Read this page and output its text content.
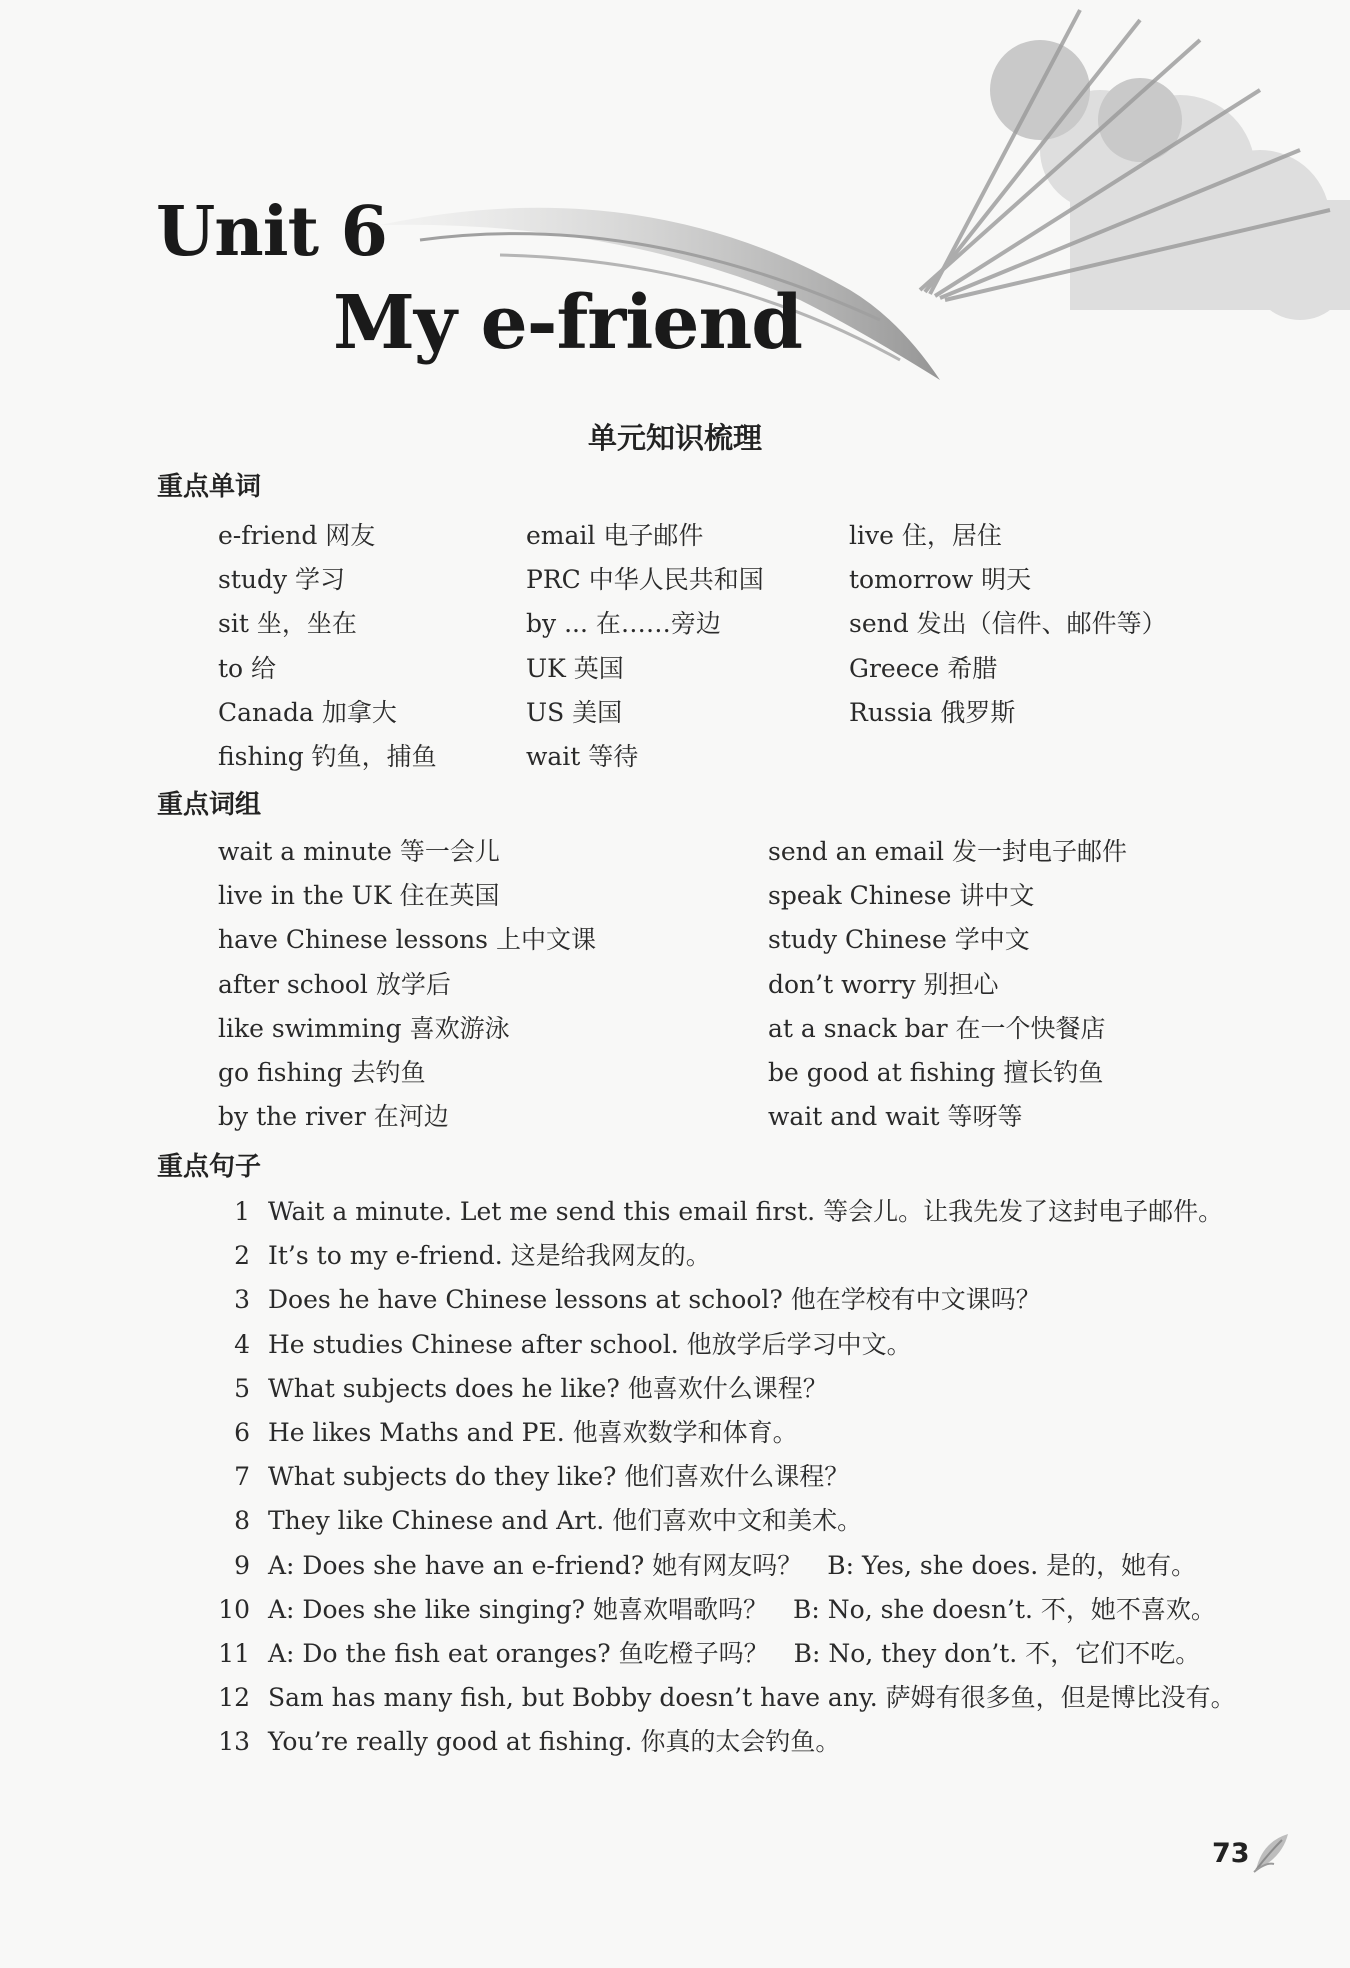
Unit 6
My e-friend
单元知识梳理
重点单词
e-friend 网友	email 电子邮件	live 住，居住
study 学习	PRC 中华人民共和国	tomorrow 明天
sit 坐，坐在	by ... 在……旁边	send 发出（信件、邮件等）
to 给	UK 英国	Greece 希腊
Canada 加拿大	US 美国	Russia 俄罗斯
fishing 钓鱼，捕鱼	wait 等待
重点词组
wait a minute 等一会儿	send an email 发一封电子邮件
live in the UK 住在英国	speak Chinese 讲中文
have Chinese lessons 上中文课	study Chinese 学中文
after school 放学后	don’t worry 别担心
like swimming 喜欢游泳	at a snack bar 在一个快餐店
go fishing 去钓鱼	be good at fishing 擅长钓鱼
by the river 在河边	wait and wait 等呀等
重点句子
1 Wait a minute. Let me send this email first. 等会儿。让我先发了这封电子邮件。
2 It’s to my e-friend. 这是给我网友的。
3 Does he have Chinese lessons at school? 他在学校有中文课吗？
4 He studies Chinese after school. 他放学后学习中文。
5 What subjects does he like? 他喜欢什么课程？
6 He likes Maths and PE. 他喜欢数学和体育。
7 What subjects do they like? 他们喜欢什么课程？
8 They like Chinese and Art. 他们喜欢中文和美术。
9 A: Does she have an e-friend? 她有网友吗？　B: Yes, she does. 是的，她有。
10 A: Does she like singing? 她喜欢唱歌吗？　B: No, she doesn’t. 不，她不喜欢。
11 A: Do the fish eat oranges? 鱼吃橙子吗？　B: No, they don’t. 不，它们不吃。
12 Sam has many fish, but Bobby doesn’t have any. 萨姆有很多鱼，但是博比没有。
13 You’re really good at fishing. 你真的太会钓鱼。
73
